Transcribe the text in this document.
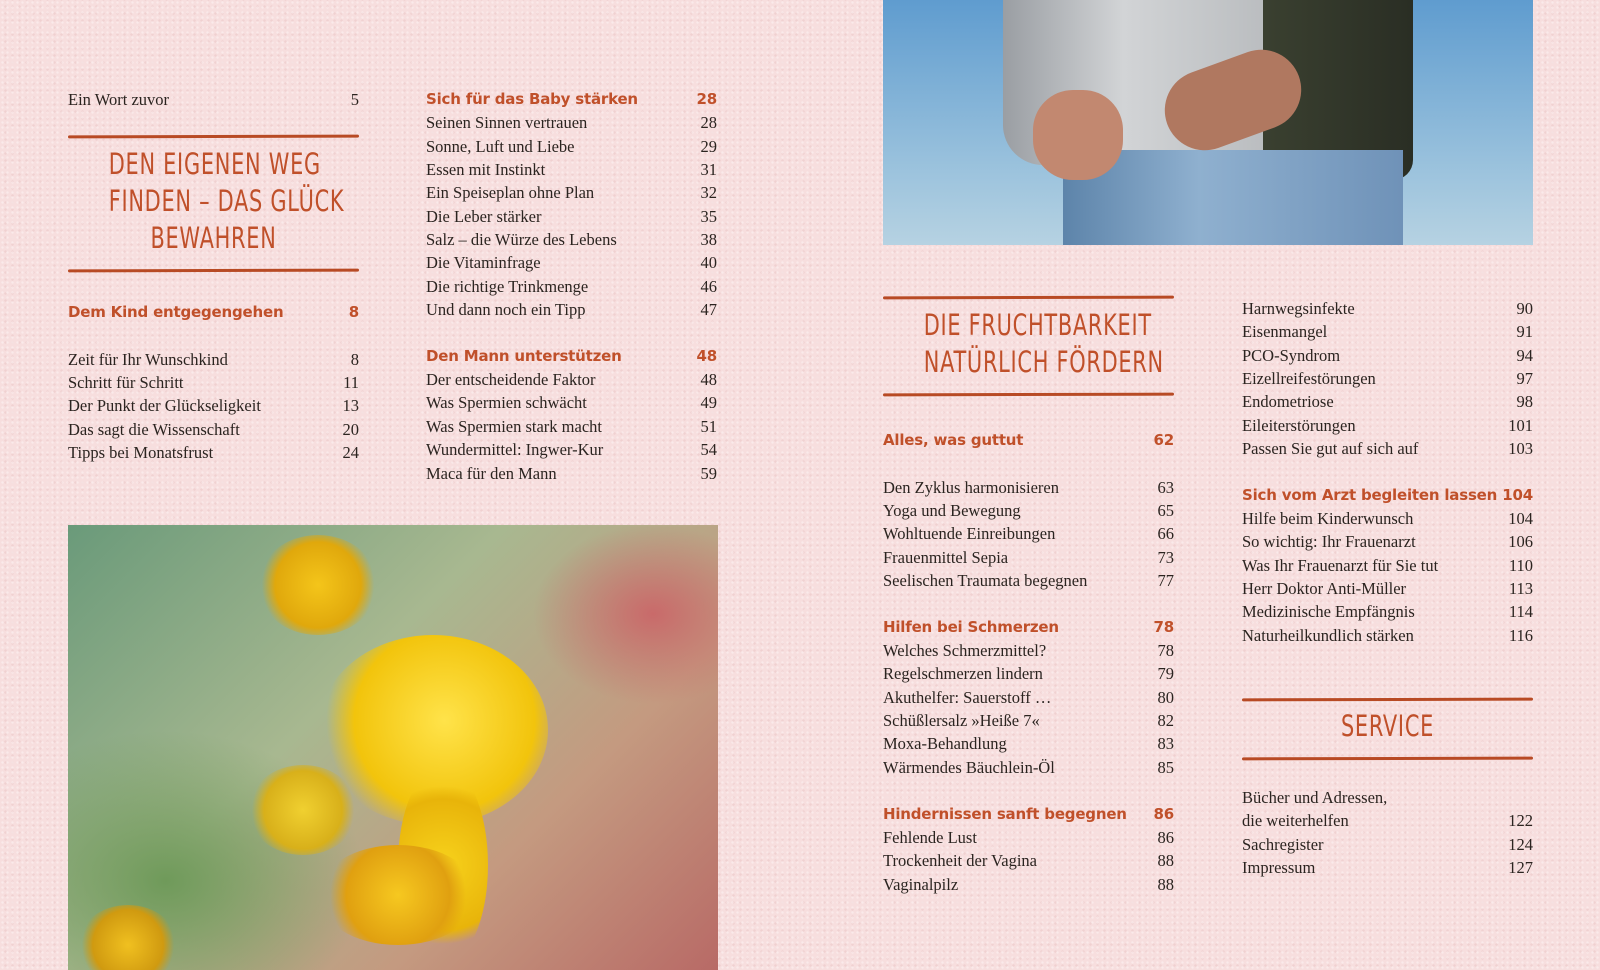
Ein Wort zuvor	5
DEN EIGENEN WEG
FINDEN – DAS GLÜCK
BEWAHREN
Dem Kind entgegengehen	8
Zeit für Ihr Wunschkind	8
Schritt für Schritt	11
Der Punkt der Glückseligkeit	13
Das sagt die Wissenschaft	20
Tipps bei Monatsfrust	24
Sich für das Baby stärken	28
Seinen Sinnen vertrauen	28
Sonne, Luft und Liebe	29
Essen mit Instinkt	31
Ein Speiseplan ohne Plan	32
Die Leber stärker	35
Salz – die Würze des Lebens	38
Die Vitaminfrage	40
Die richtige Trinkmenge	46
Und dann noch ein Tipp	47
Den Mann unterstützen	48
Der entscheidende Faktor	48
Was Spermien schwächt	49
Was Spermien stark macht	51
Wundermittel: Ingwer-Kur	54
Maca für den Mann	59
DIE FRUCHTBARKEIT
NATÜRLICH FÖRDERN
Alles, was guttut	62
Den Zyklus harmonisieren	63
Yoga und Bewegung	65
Wohltuende Einreibungen	66
Frauenmittel Sepia	73
Seelischen Traumata begegnen	77
Hilfen bei Schmerzen	78
Welches Schmerzmittel?	78
Regelschmerzen lindern	79
Akuthelfer: Sauerstoff …	80
Schüßlersalz »Heiße 7«	82
Moxa-Behandlung	83
Wärmendes Bäuchlein-Öl	85
Hindernissen sanft begegnen 86
Fehlende Lust	86
Trockenheit der Vagina	88
Vaginalpilz	88
Harnwegsinfekte	90
Eisenmangel	91
PCO-Syndrom	94
Eizellreifestörungen	97
Endometriose	98
Eileiterstörungen	101
Passen Sie gut auf sich auf	103
Sich vom Arzt begleiten lassen 104
Hilfe beim Kinderwunsch	104
So wichtig: Ihr Frauenarzt	106
Was Ihr Frauenarzt für Sie tut	110
Herr Doktor Anti-Müller	113
Medizinische Empfängnis	114
Naturheilkundlich stärken	116
SERVICE
Bücher und Adressen,
die weiterhelfen	122
Sachregister	124
Impressum	127
